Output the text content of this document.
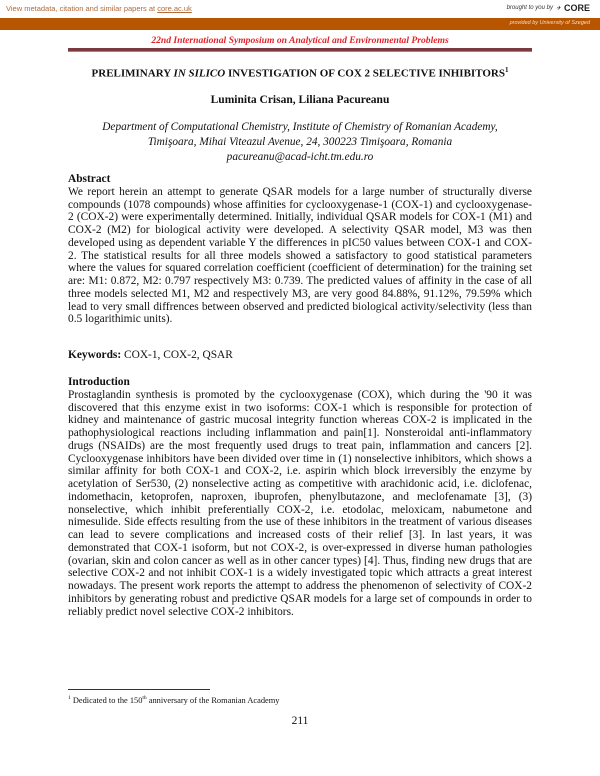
View metadata, citation and similar papers at core.ac.uk	brought to you by ✈ CORE
provided by University of Szeged
22nd International Symposium on Analytical and Environmental Problems
PRELIMINARY IN SILICO INVESTIGATION OF COX 2 SELECTIVE INHIBITORS$^1$
Luminita Crisan, Liliana Pacureanu
Department of Computational Chemistry, Institute of Chemistry of Romanian Academy,
Timişoara, Mihai Viteazul Avenue, 24, 300223 Timişoara, Romania
pacureanu@acad-icht.tm.edu.ro
Abstract
We report herein an attempt to generate QSAR models for a large number of structurally diverse compounds (1078 compounds) whose affinities for cyclooxygenase-1 (COX-1) and cyclooxygenase-2 (COX-2) were experimentally determined. Initially, individual QSAR models for COX-1 (M1) and COX-2 (M2) for biological activity were developed. A selectivity QSAR model, M3 was then developed using as dependent variable Y the differences in pIC50 values between COX-1 and COX-2. The statistical results for all three models showed a satisfactory to good statistical parameters where the values for squared correlation coefficient (coefficient of determination) for the training set are: M1: 0.872, M2: 0.797 respectively M3: 0.739. The predicted values of affinity in the case of all three models selected M1, M2 and respectively M3, are very good 84.88%, 91.12%, 79.59% which lead to very small diffrences between observed and predicted biological activity/selectivity (less than 0.5 logarithimic units).
Keywords: COX-1, COX-2, QSAR
Introduction
Prostaglandin synthesis is promoted by the cyclooxygenase (COX), which during the '90 it was discovered that this enzyme exist in two isoforms: COX-1 which is responsible for protection of kidney and maintenance of gastric mucosal integrity function whereas COX-2 is implicated in the pathophysiological reactions including inflammation and pain[1]. Nonsteroidal anti-inflammatory drugs (NSAIDs) are the most frequently used drugs to treat pain, inflammation and cancers [2]. Cyclooxygenase inhibitors have been divided over time in (1) nonselective inhibitors, which shows a similar affinity for both COX-1 and COX-2, i.e. aspirin which block irreversibly the enzyme by acetylation of Ser530, (2) nonselective acting as competitive with arachidonic acid, i.e. diclofenac, indomethacin, ketoprofen, naproxen, ibuprofen, phenylbutazone, and meclofenamate [3], (3) nonselective, which inhibit preferentially COX-2, i.e. etodolac, meloxicam, nabumetone and nimesulide. Side effects resulting from the use of these inhibitors in the treatment of various diseases can lead to severe complications and increased costs of their relief [3]. In last years, it was demonstrated that COX-1 isoform, but not COX-2, is over-expressed in diverse human pathologies (ovarian, skin and colon cancer as well as in other cancer types) [4]. Thus, finding new drugs that are selective COX-2 and not inhibit COX-1 is a widely investigated topic which attracts a great interest nowadays. The present work reports the attempt to address the phenomenon of selectivity of COX-2 inhibitors by generating robust and predictive QSAR models for a large set of compounds in order to reliably predict novel selective COX-2 inhibitors.
$^1$ Dedicated to the 150th anniversary of the Romanian Academy
211
